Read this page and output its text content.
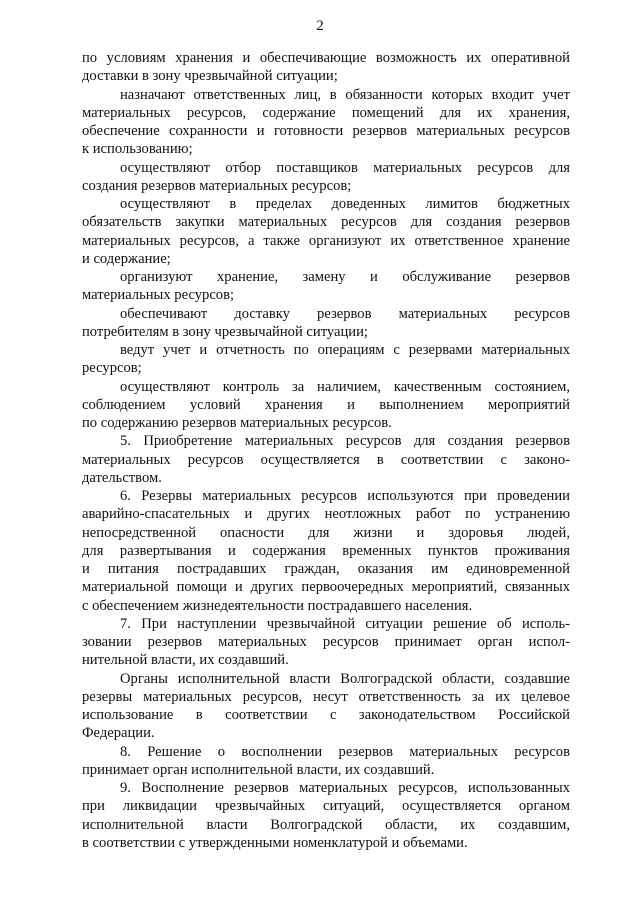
2
по условиям хранения и обеспечивающие возможность их оперативной
доставки в зону чрезвычайной ситуации;
назначают ответственных лиц, в обязанности которых входит учет
материальных ресурсов, содержание помещений для их хранения,
обеспечение сохранности и готовности резервов материальных ресурсов
к использованию;
осуществляют отбор поставщиков материальных ресурсов для
создания резервов материальных ресурсов;
осуществляют в пределах доведенных лимитов бюджетных
обязательств закупки материальных ресурсов для создания резервов
материальных ресурсов, а также организуют их ответственное хранение
и содержание;
организуют хранение, замену и обслуживание резервов
материальных ресурсов;
обеспечивают доставку резервов материальных ресурсов
потребителям в зону чрезвычайной ситуации;
ведут учет и отчетность по операциям с резервами материальных
ресурсов;
осуществляют контроль за наличием, качественным состоянием,
соблюдением условий хранения и выполнением мероприятий
по содержанию резервов материальных ресурсов.
5. Приобретение материальных ресурсов для создания резервов
материальных ресурсов осуществляется в соответствии с законо-
дательством.
6. Резервы материальных ресурсов используются при проведении
аварийно-спасательных и других неотложных работ по устранению
непосредственной опасности для жизни и здоровья людей,
для развертывания и содержания временных пунктов проживания
и питания пострадавших граждан, оказания им единовременной
материальной помощи и других первоочередных мероприятий, связанных
с обеспечением жизнедеятельности пострадавшего населения.
7. При наступлении чрезвычайной ситуации решение об исполь-
зовании резервов материальных ресурсов принимает орган испол-
нительной власти, их создавший.
Органы исполнительной власти Волгоградской области, создавшие
резервы материальных ресурсов, несут ответственность за их целевое
использование в соответствии с законодательством Российской
Федерации.
8. Решение о восполнении резервов материальных ресурсов
принимает орган исполнительной власти, их создавший.
9. Восполнение резервов материальных ресурсов, использованных
при ликвидации чрезвычайных ситуаций, осуществляется органом
исполнительной власти Волгоградской области, их создавшим,
в соответствии с утвержденными номенклатурой и объемами.
